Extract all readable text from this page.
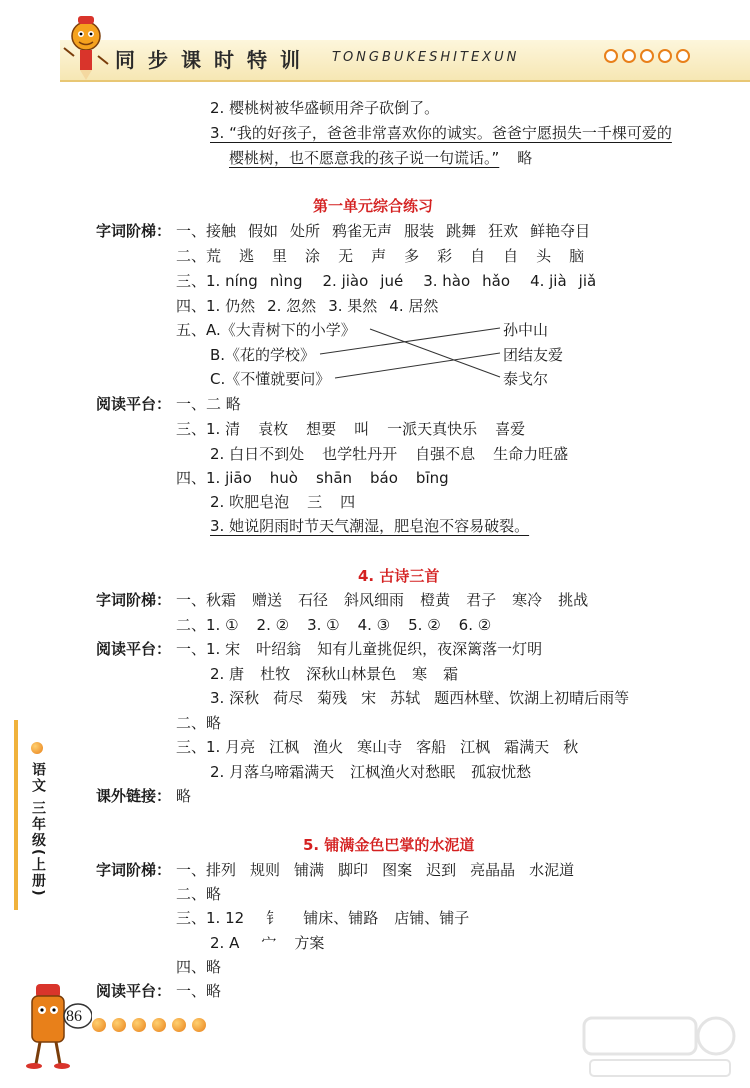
同 步 课 时 特 训 TONGBUKESHITEXUN
2. 樱桃树被华盛顿用斧子砍倒了。
3. “我的好孩子，爸爸非常喜欢你的诚实。爸爸宁愿损失一千棵可爱的
樱桃树，也不愿意我的孩子说一句谎话。” 略
第一单元综合练习
字词阶梯： 一、接触 假如 处所 鸦雀无声 服装 跳舞 狂欢 鲜艳夺目
二、荒 逃 里 涂 无 声 多 彩 自 自 头 脑
三、1. níng nìng 2. jiào jué 3. hào hǎo 4. jià jiǎ
四、1. 仍然 2. 忽然 3. 果然 4. 居然
五、A.《大青树下的小学》
B.《花的学校》
C.《不懂就要问》
孙中山
团结友爱
泰戈尔
阅读平台： 一、二 略
三、1. 清 袁枚 想要 叫 一派天真快乐 喜爱
2. 白日不到处 也学牡丹开 自强不息 生命力旺盛
四、1. jiāo huò shān báo bīng
2. 吹肥皂泡 三 四
3. 她说阴雨时节天气潮湿，肥皂泡不容易破裂。
4. 古诗三首
字词阶梯： 一、秋霜 赠送 石径 斜风细雨 橙黄 君子 寒冷 挑战
二、1. ① 2. ② 3. ① 4. ③ 5. ② 6. ②
阅读平台： 一、1. 宋 叶绍翁 知有儿童挑促织，夜深篱落一灯明
2. 唐 杜牧 深秋山林景色 寒 霜
3. 深秋 荷尽 菊残 宋 苏轼 题西林壁、饮湖上初晴后雨等
二、略
三、1. 月亮 江枫 渔火 寒山寺 客船 江枫 霜满天 秋
2. 月落乌啼霜满天 江枫渔火对愁眠 孤寂忧愁
课外链接： 略
5. 铺满金色巴掌的水泥道
字词阶梯： 一、排列 规则 铺满 脚印 图案 迟到 亮晶晶 水泥道
二、略
三、1. 12 钅 铺床、铺路 店铺、铺子
2. A 宀 方案
四、略
阅读平台： 一、略
语文 三年级(上册)
86
